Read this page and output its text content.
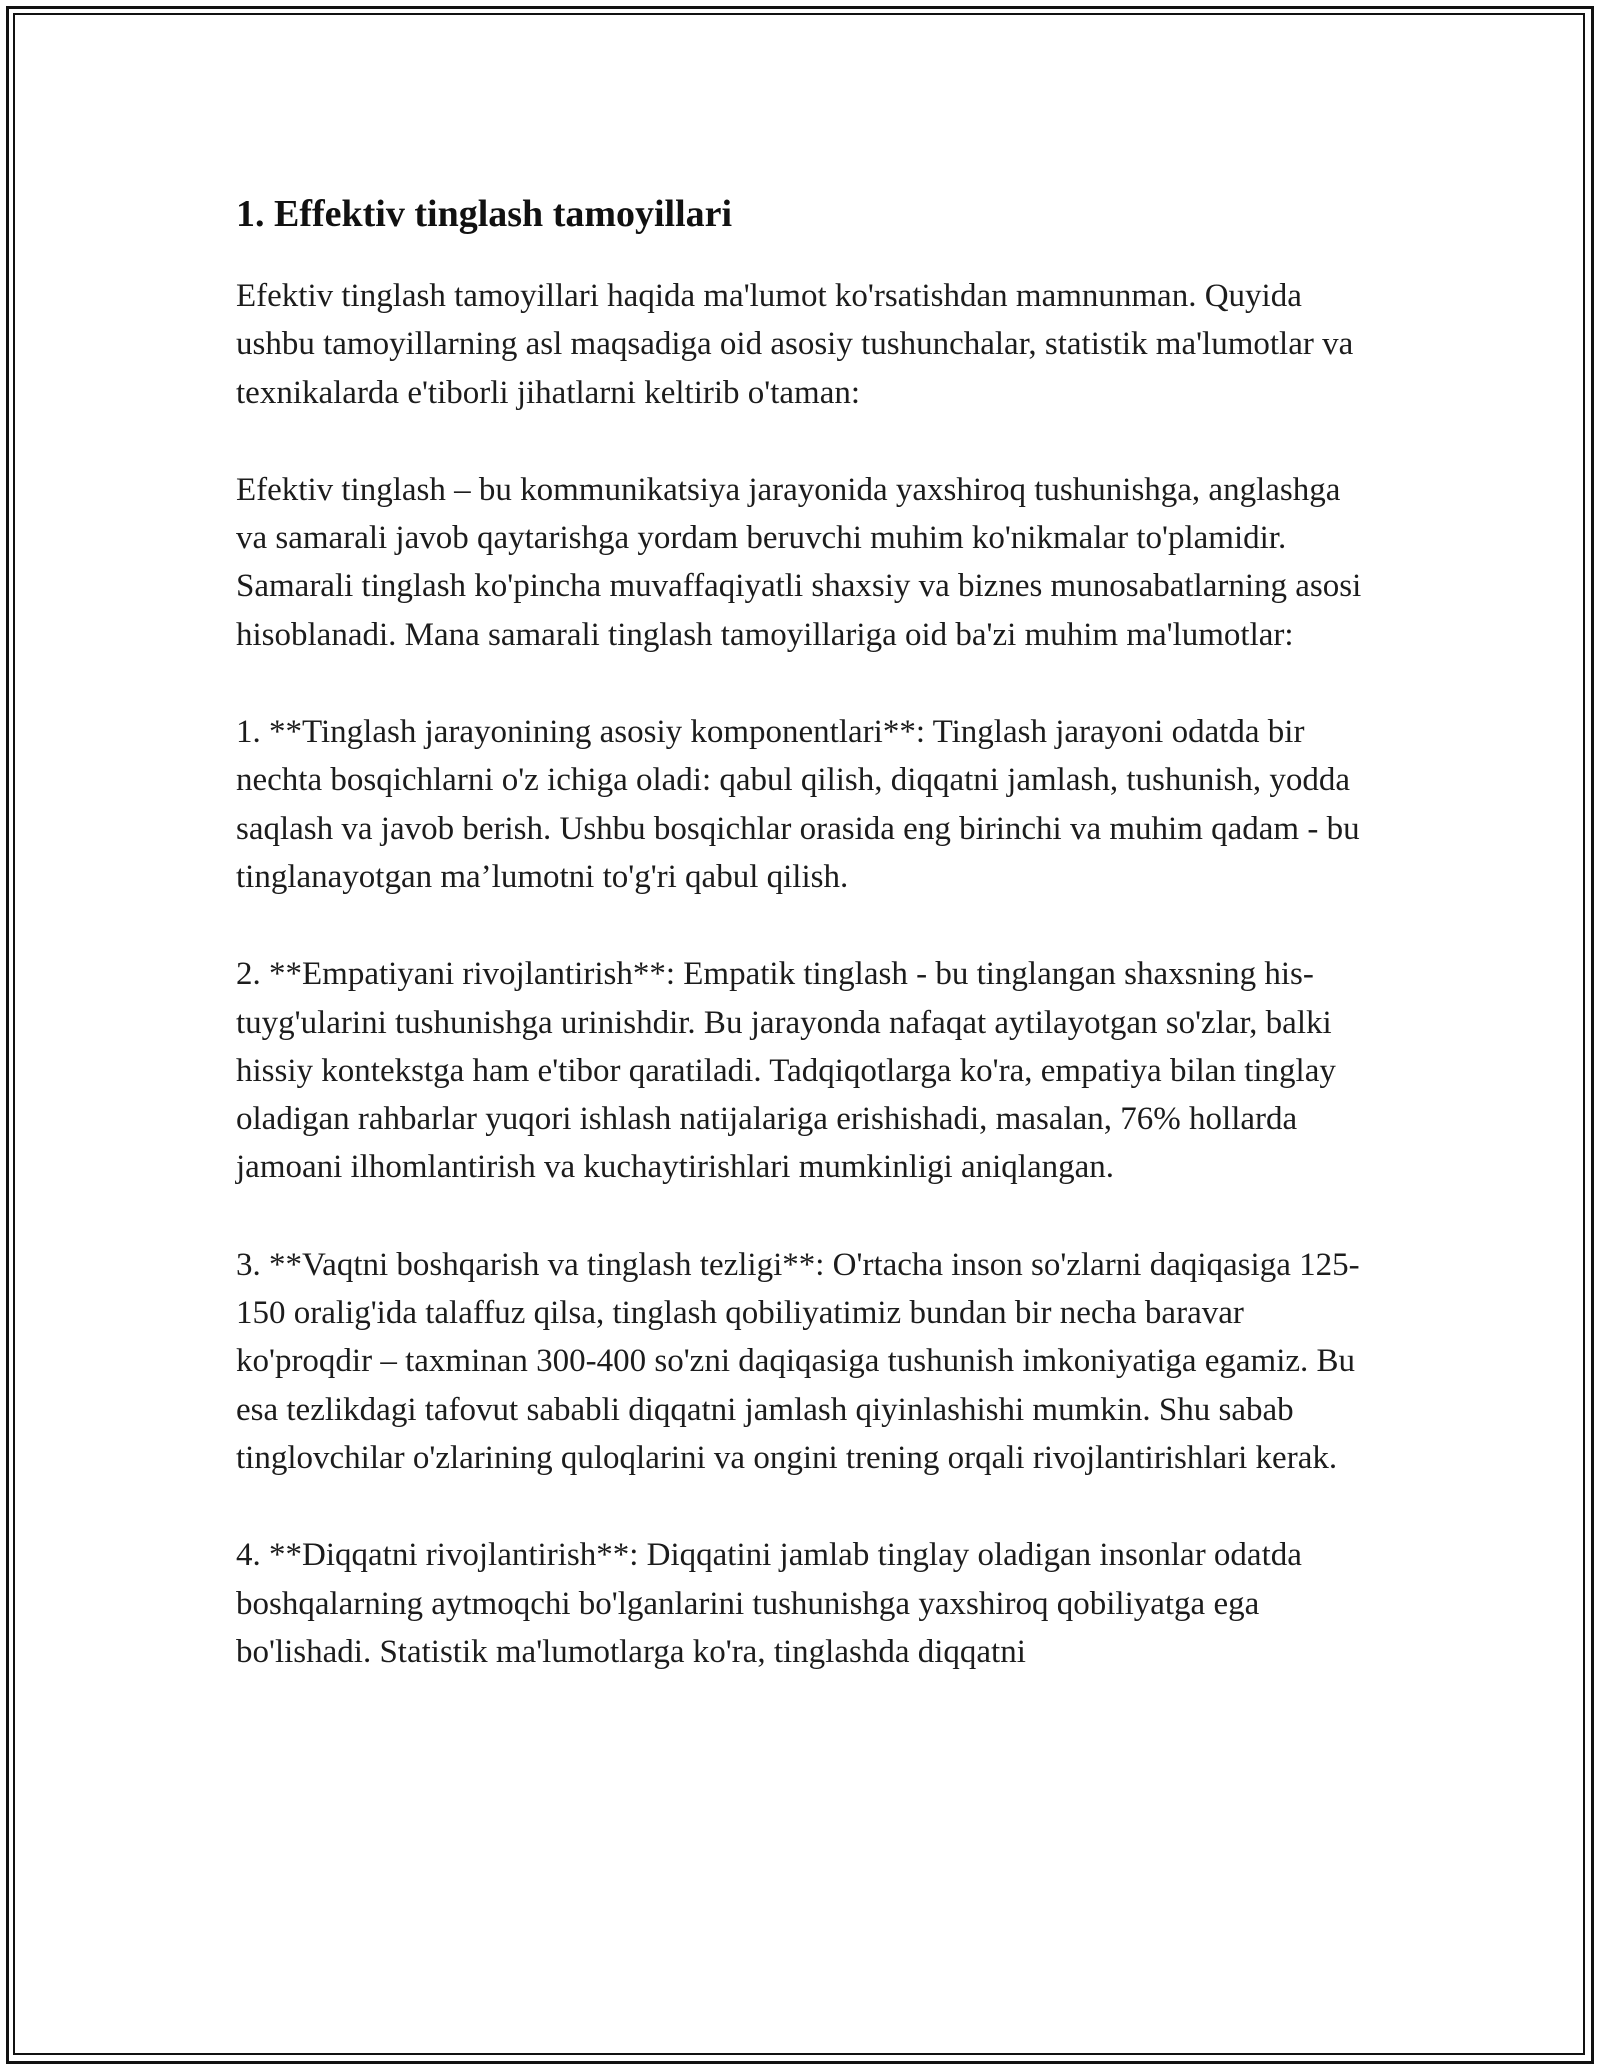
1. Effektiv tinglash tamoyillari

Efektiv tinglash tamoyillari haqida ma'lumot ko'rsatishdan mamnunman. Quyida ushbu tamoyillarning asl maqsadiga oid asosiy tushunchalar, statistik ma'lumotlar va texnikalarda e'tiborli jihatlarni keltirib o'taman:

Efektiv tinglash – bu kommunikatsiya jarayonida yaxshiroq tushunishga, anglashga va samarali javob qaytarishga yordam beruvchi muhim ko'nikmalar to'plamidir. Samarali tinglash ko'pincha muvaffaqiyatli shaxsiy va biznes munosabatlarning asosi hisoblanadi. Mana samarali tinglash tamoyillariga oid ba'zi muhim ma'lumotlar:

1. **Tinglash jarayonining asosiy komponentlari**: Tinglash jarayoni odatda bir nechta bosqichlarni o'z ichiga oladi: qabul qilish, diqqatni jamlash, tushunish, yodda saqlash va javob berish. Ushbu bosqichlar orasida eng birinchi va muhim qadam - bu tinglanayotgan ma’lumotni to'g'ri qabul qilish.

2. **Empatiyani rivojlantirish**: Empatik tinglash - bu tinglangan shaxsning his-tuyg'ularini tushunishga urinishdir. Bu jarayonda nafaqat aytilayotgan so'zlar, balki hissiy kontekstga ham e'tibor qaratiladi. Tadqiqotlarga ko'ra, empatiya bilan tinglay oladigan rahbarlar yuqori ishlash natijalariga erishishadi, masalan, 76% hollarda jamoani ilhomlantirish va kuchaytirishlari mumkinligi aniqlangan.

3. **Vaqtni boshqarish va tinglash tezligi**: O'rtacha inson so'zlarni daqiqasiga 125-150 oralig'ida talaffuz qilsa, tinglash qobiliyatimiz bundan bir necha baravar ko'proqdir – taxminan 300-400 so'zni daqiqasiga tushunish imkoniyatiga egamiz. Bu esa tezlikdagi tafovut sababli diqqatni jamlash qiyinlashishi mumkin. Shu sabab tinglovchilar o'zlarining quloqlarini va ongini trening orqali rivojlantirishlari kerak.

4. **Diqqatni rivojlantirish**: Diqqatini jamlab tinglay oladigan insonlar odatda boshqalarning aytmoqchi bo'lganlarini tushunishga yaxshiroq qobiliyatga ega bo'lishadi. Statistik ma'lumotlarga ko'ra, tinglashda diqqatni
